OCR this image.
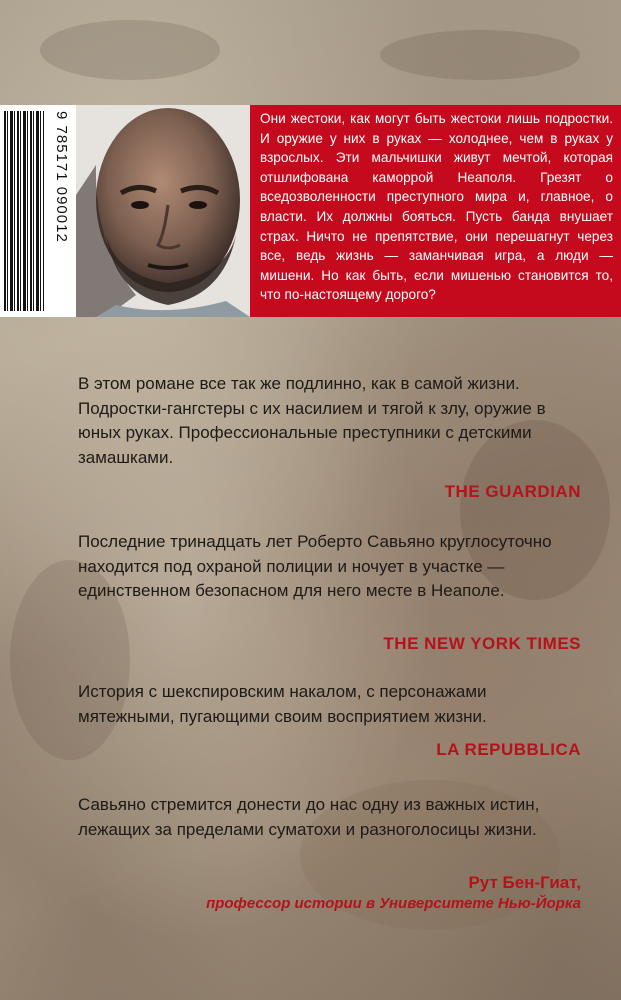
9 785171 090012	Они жестоки, как могут быть жестоки лишь подростки. И оружие у них в руках — холоднее, чем в руках у взрослых. Эти мальчишки живут мечтой, которая отшлифована каморрой Неаполя. Грезят о вседозволенности преступного мира и, главное, о власти. Их должны бояться. Пусть банда внушает страх. Ничто не препятствие, они перешагнут через все, ведь жизнь — заманчивая игра, а люди — мишени. Но как быть, если мишенью становится то, что по-настоящему дорого?

В этом романе все так же подлинно, как в самой жизни. Подростки-гангстеры с их насилием и тягой к злу, оружие в юных руках. Профессиональные преступники с детскими замашками.
THE GUARDIAN
Последние тринадцать лет Роберто Савьяно круглосуточно находится под охраной полиции и ночует в участке — единственном безопасном для него месте в Неаполе.
THE NEW YORK TIMES
История с шекспировским накалом, с персонажами мятежными, пугающими своим восприятием жизни.
LA REPUBBLICA
Савьяно стремится донести до нас одну из важных истин, лежащих за пределами суматохи и разноголосицы жизни.
Рут Бен-Гиат,
профессор истории в Университете Нью-Йорка
